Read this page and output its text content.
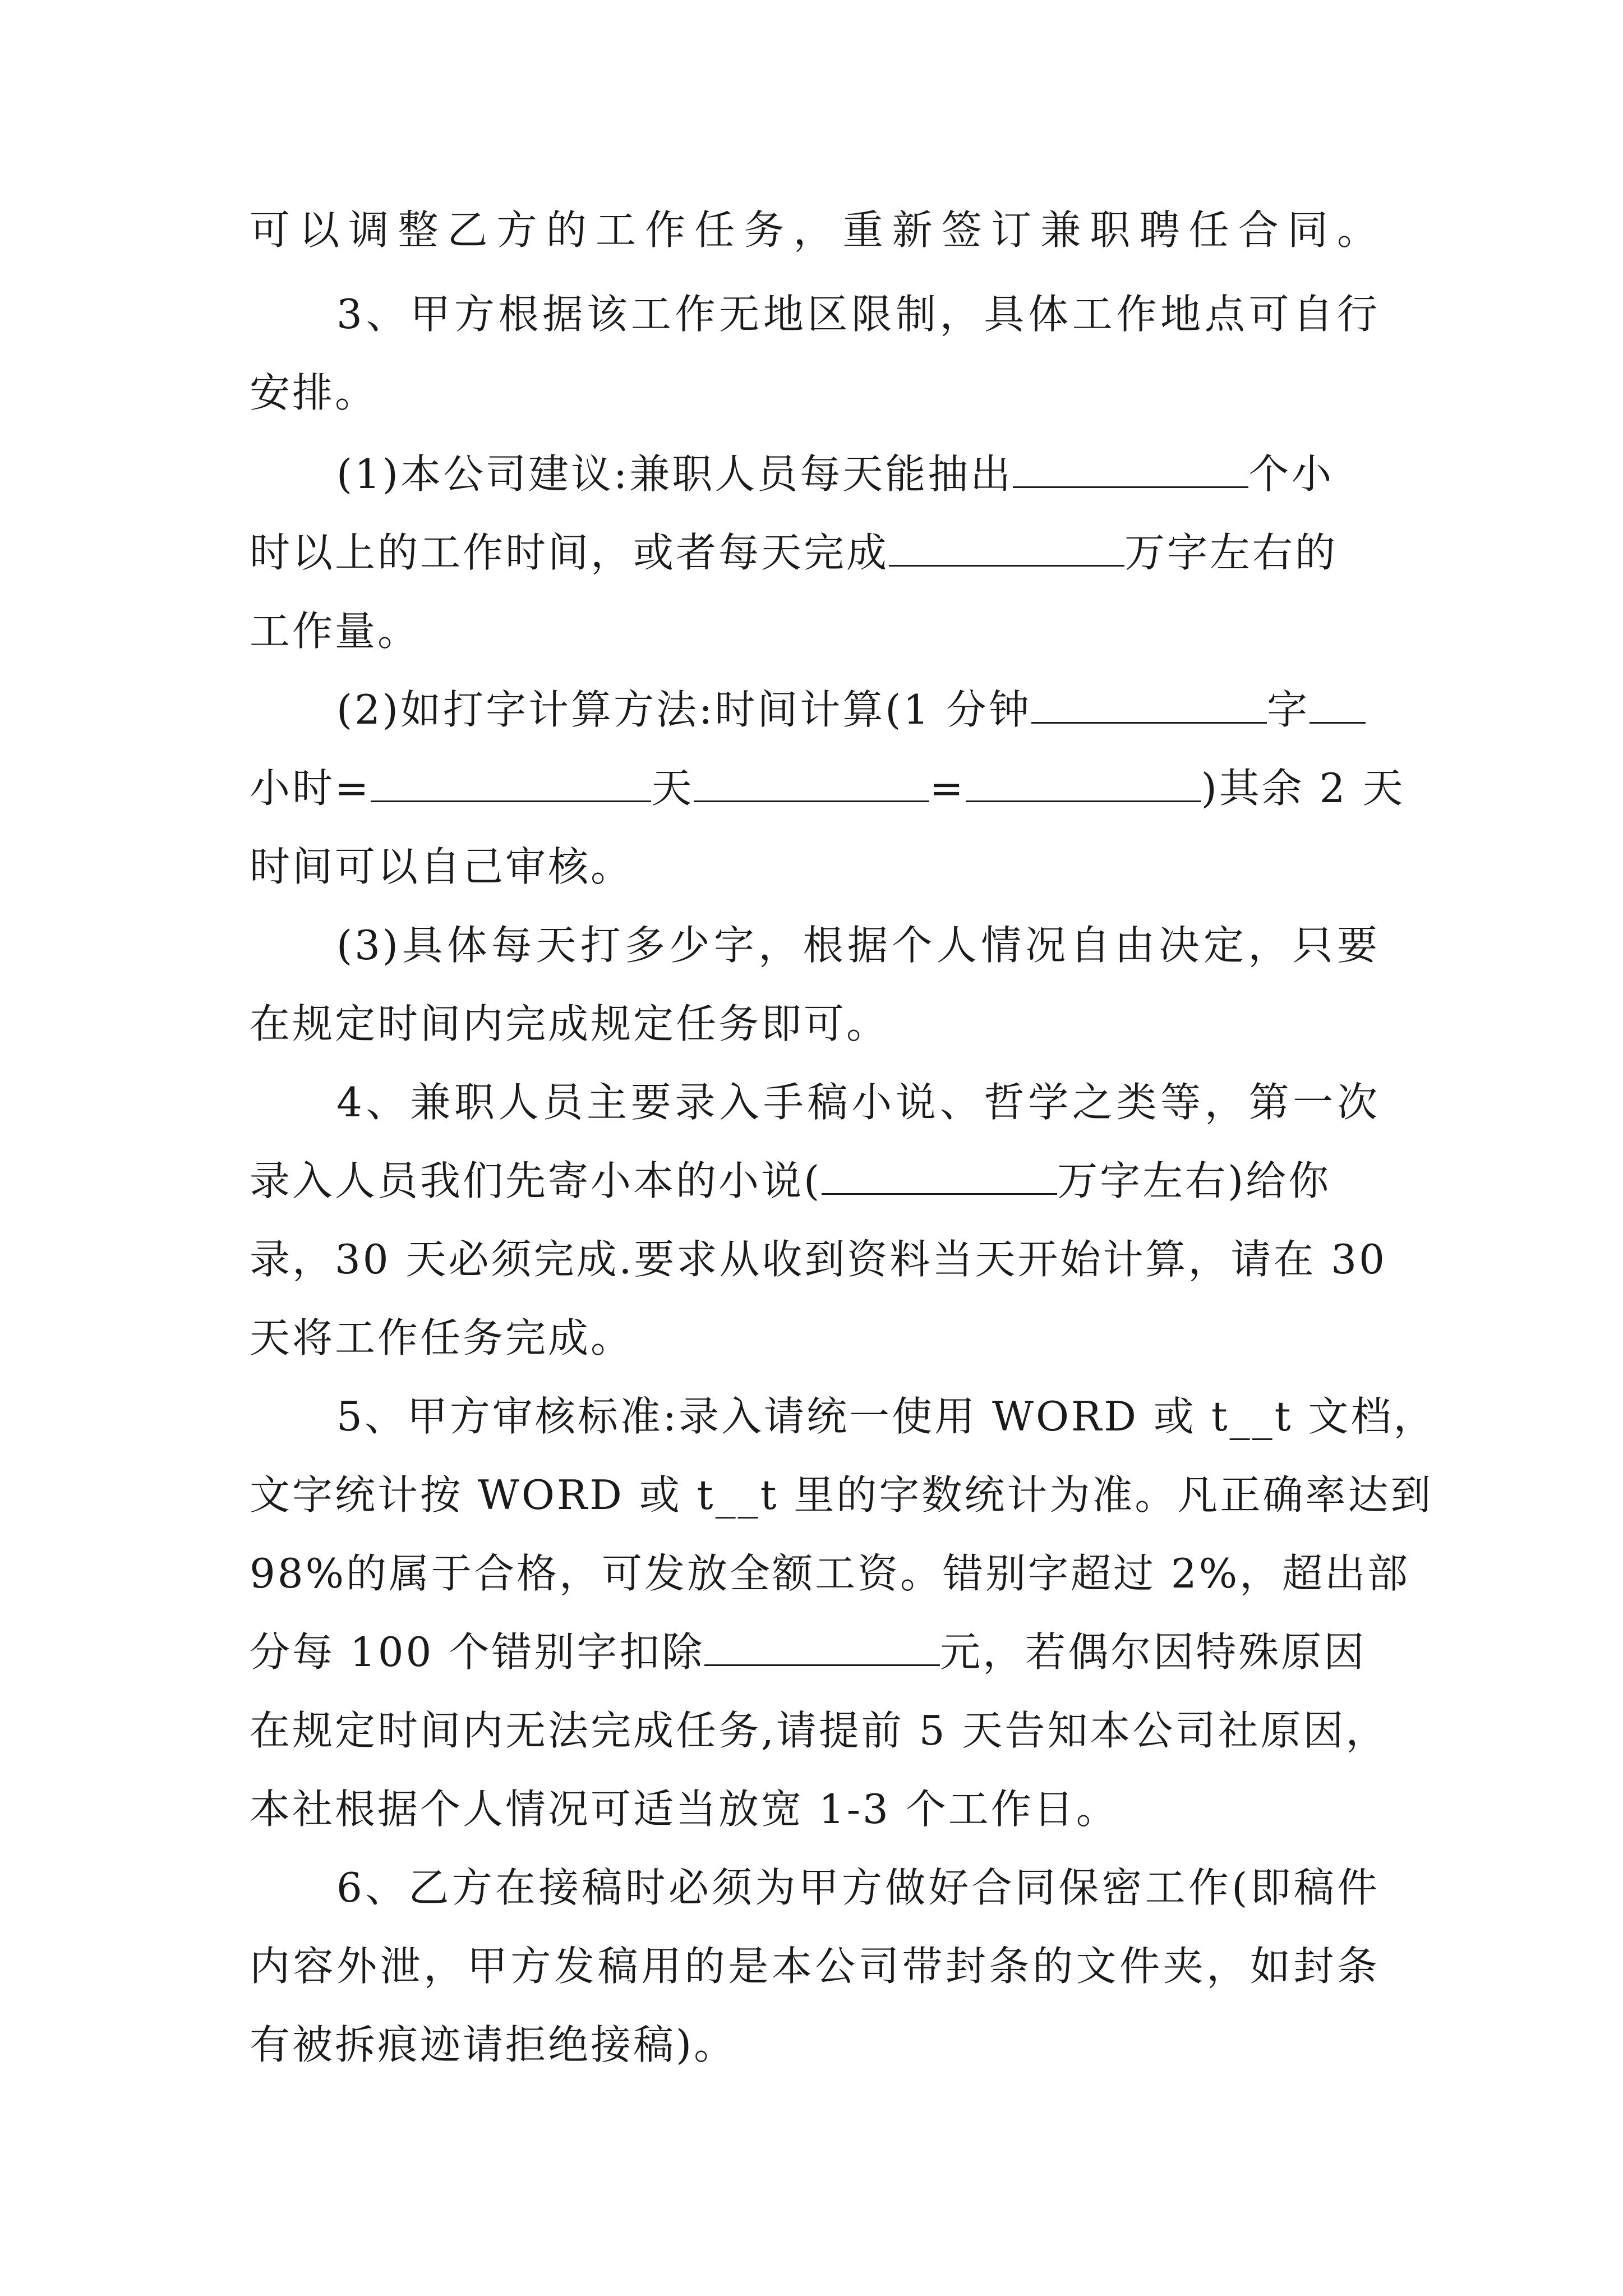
可以调整乙方的工作任务，重新签订兼职聘任合同。
3、甲方根据该工作无地区限制，具体工作地点可自行
安排。
(1)本公司建议:兼职人员每天能抽出	个小
时以上的工作时间，或者每天完成	万字左右的
工作量。
(2)如打字计算方法:时间计算(1 分钟	字
小时=	天	=	)其余 2 天
时间可以自己审核。
(3)具体每天打多少字，根据个人情况自由决定，只要
在规定时间内完成规定任务即可。
4、兼职人员主要录入手稿小说、哲学之类等，第一次
录入人员我们先寄小本的小说(	万字左右)给你
录，30 天必须完成.要求从收到资料当天开始计算，请在 30
天将工作任务完成。
5、甲方审核标准:录入请统一使用 WORD 或 t__t 文档，
文字统计按 WORD 或 t__t 里的字数统计为准。凡正确率达到
98%的属于合格，可发放全额工资。错别字超过 2%，超出部
分每 100 个错别字扣除	元，若偶尔因特殊原因
在规定时间内无法完成任务,请提前 5 天告知本公司社原因，
本社根据个人情况可适当放宽 1-3 个工作日。
6、乙方在接稿时必须为甲方做好合同保密工作(即稿件
内容外泄，甲方发稿用的是本公司带封条的文件夹，如封条
有被拆痕迹请拒绝接稿)。
